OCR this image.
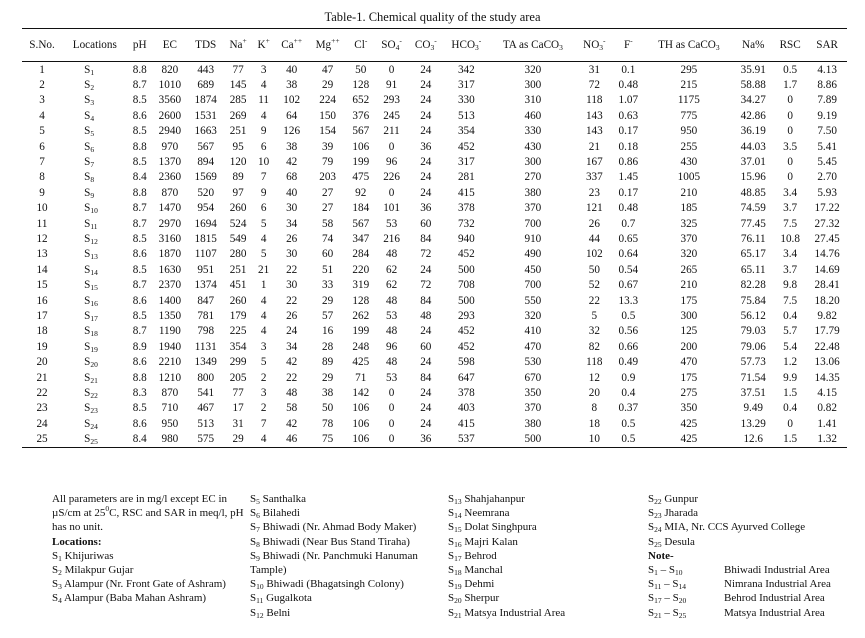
Table-1. Chemical quality of the study area
S.No.	Locations	pH	EC	TDS	Na+	K+	Ca++	Mg++	Cl-	$SO_4^-$	$CO_3^-$	$HCO_3^-$	TA as CaCO$_3$	$NO_3^-$	F-	TH as CaCO$_3$	Na%	RSC	SAR
1	$S_1$	8.8	820	443	77	3	40	47	50	0	24	342	320	31	0.1	295	35.91	0.5	4.13
2	$S_2$	8.7	1010	689	145	4	38	29	128	91	24	317	300	72	0.48	215	58.88	1.7	8.86
3	$S_3$	8.5	3560	1874	285	11	102	224	652	293	24	330	310	118	1.07	1175	34.27	0	7.89
4	$S_4$	8.6	2600	1531	269	4	64	150	376	245	24	513	460	143	0.63	775	42.86	0	9.19
5	$S_5$	8.5	2940	1663	251	9	126	154	567	211	24	354	330	143	0.17	950	36.19	0	7.50
6	$S_6$	8.8	970	567	95	6	38	39	106	0	36	452	430	21	0.18	255	44.03	3.5	5.41
7	$S_7$	8.5	1370	894	120	10	42	79	199	96	24	317	300	167	0.86	430	37.01	0	5.45
8	$S_8$	8.4	2360	1569	89	7	68	203	475	226	24	281	270	337	1.45	1005	15.96	0	2.70
9	$S_9$	8.8	870	520	97	9	40	27	92	0	24	415	380	23	0.17	210	48.85	3.4	5.93
10	$S_{10}$	8.7	1470	954	260	6	30	27	184	101	36	378	370	121	0.48	185	74.59	3.7	17.22
11	$S_{11}$	8.7	2970	1694	524	5	34	58	567	53	60	732	700	26	0.7	325	77.45	7.5	27.32
12	$S_{12}$	8.5	3160	1815	549	4	26	74	347	216	84	940	910	44	0.65	370	76.11	10.8	27.45
13	$S_{13}$	8.6	1870	1107	280	5	30	60	284	48	72	452	490	102	0.64	320	65.17	3.4	14.76
14	$S_{14}$	8.5	1630	951	251	21	22	51	220	62	24	500	450	50	0.54	265	65.11	3.7	14.69
15	$S_{15}$	8.7	2370	1374	451	1	30	33	319	62	72	708	700	52	0.67	210	82.28	9.8	28.41
16	$S_{16}$	8.6	1400	847	260	4	22	29	128	48	84	500	550	22	13.3	175	75.84	7.5	18.20
17	$S_{17}$	8.5	1350	781	179	4	26	57	262	53	48	293	320	5	0.5	300	56.12	0.4	9.82
18	$S_{18}$	8.7	1190	798	225	4	24	16	199	48	24	452	410	32	0.56	125	79.03	5.7	17.79
19	$S_{19}$	8.9	1940	1131	354	3	34	28	248	96	60	452	470	82	0.66	200	79.06	5.4	22.48
20	$S_{20}$	8.6	2210	1349	299	5	42	89	425	48	24	598	530	118	0.49	470	57.73	1.2	13.06
21	$S_{21}$	8.8	1210	800	205	2	22	29	71	53	84	647	670	12	0.9	175	71.54	9.9	14.35
22	$S_{22}$	8.3	870	541	77	3	48	38	142	0	24	378	350	20	0.4	275	37.51	1.5	4.15
23	$S_{23}$	8.5	710	467	17	2	58	50	106	0	24	403	370	8	0.37	350	9.49	0.4	0.82
24	$S_{24}$	8.6	950	513	31	7	42	78	106	0	24	415	380	18	0.5	425	13.29	0	1.41
25	$S_{25}$	8.4	980	575	29	4	46	75	106	0	36	537	500	10	0.5	425	12.6	1.5	1.32

All parameters are in mg/l except EC in µS/cm at $25^0C$, RSC and SAR in meq/l, pH has no unit.

Locations:

$S_1$ Khijuriwas
$S_2$ Milakpur Gujar
$S_3$ Alampur (Nr. Front Gate of Ashram)
$S_4$ Alampur (Baba Mahan Ashram)
$S_5$ Santhalka
$S_6$ Bilahedi
$S_7$ Bhiwadi (Nr. Ahmad Body Maker)
$S_8$ Bhiwadi (Near Bus Stand Tiraha)
$S_9$ Bhiwadi (Nr. Panchmuki Hanuman
Tample)
$S_{10}$ Bhiwadi (Bhagatsingh Colony)
$S_{11}$ Gugalkota
$S_{12}$ Belni
$S_{13}$ Shahjahanpur
$S_{14}$ Neemrana
$S_{15}$ Dolat Singhpura
$S_{16}$ Majri Kalan
$S_{17}$ Behrod
$S_{18}$ Manchal
$S_{19}$ Dehmi
$S_{20}$ Sherpur
$S_{21}$ Matsya Industrial Area
$S_{22}$ Gunpur
$S_{23}$ Jharada
$S_{24}$ MIA, Nr. CCS Ayurved College
$S_{25}$ Desula

Note-

$S_1 - S_{10}$	Bhiwadi Industrial Area
$S_{11} - S_{14}$	Nimrana Industrial Area
$S_{17} - S_{20}$	Behrod Industrial Area
$S_{21} - S_{25}$	Matsya Industrial Area
